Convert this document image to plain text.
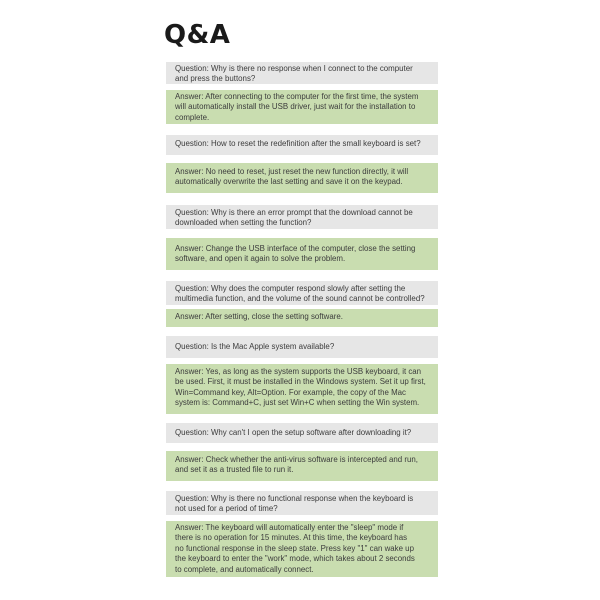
Q&A
Question: Why is there no response when I connect to the computer
and press the buttons?
Answer: After connecting to the computer for the first time, the system
will automatically install the USB driver, just wait for the installation to
complete.
Question: How to reset the redefinition after the small keyboard is set?
Answer: No need to reset, just reset the new function directly, it will
automatically overwrite the last setting and save it on the keypad.
Question: Why is there an error prompt that the download cannot be
downloaded when setting the function?
Answer: Change the USB interface of the computer, close the setting
software, and open it again to solve the problem.
Question: Why does the computer respond slowly after setting the
multimedia function, and the volume of the sound cannot be controlled?
Answer: After setting, close the setting software.
Question: Is the Mac Apple system available?
Answer: Yes, as long as the system supports the USB keyboard, it can
be used. First, it must be installed in the Windows system. Set it up first,
Win=Command key, Alt=Option. For example, the copy of the Mac
system is: Command+C, just set Win+C when setting the Win system.
Question: Why can't I open the setup software after downloading it?
Answer: Check whether the anti-virus software is intercepted and run,
and set it as a trusted file to run it.
Question: Why is there no functional response when the keyboard is
not used for a period of time?
Answer: The keyboard will automatically enter the "sleep" mode if
there is no operation for 15 minutes. At this time, the keyboard has
no functional response in the sleep state. Press key "1" can wake up
the keyboard to enter the "work" mode, which takes about 2 seconds
to complete, and automatically connect.
